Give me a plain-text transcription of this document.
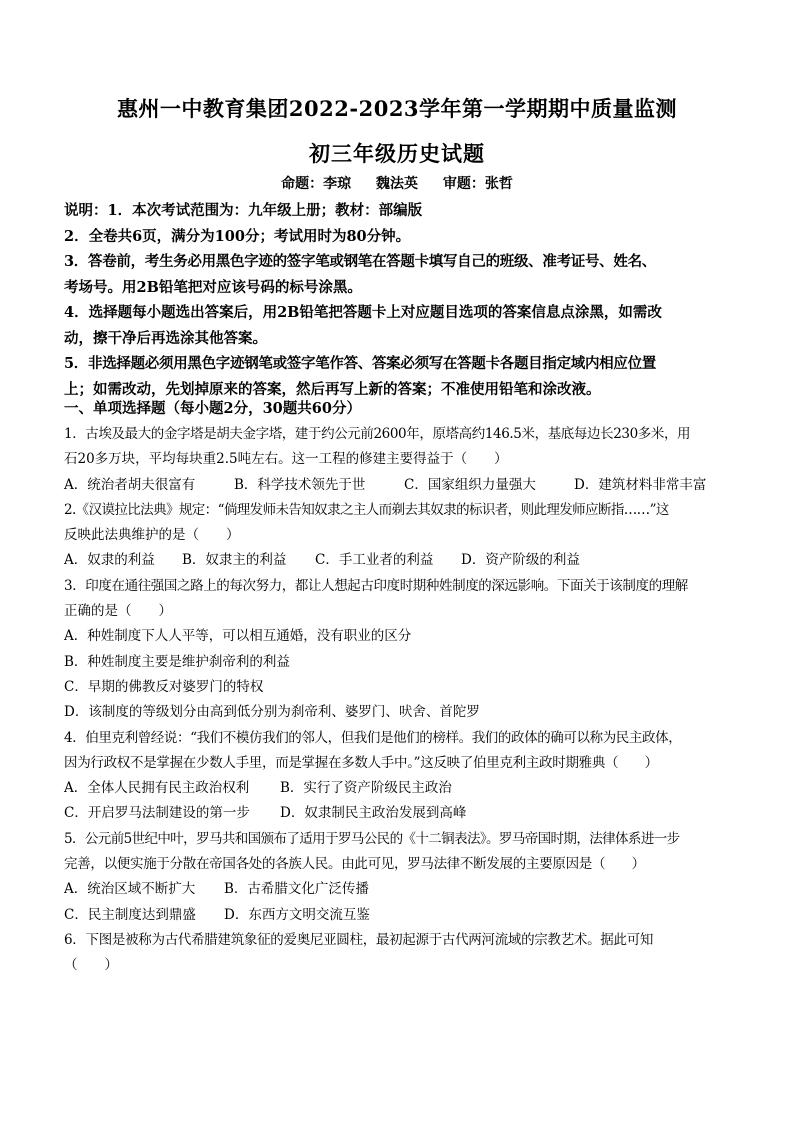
惠州一中教育集团2022-2023学年第一学期期中质量监测
初三年级历史试题
命题：李琼 魏法英 审题：张哲

说明：1．本次考试范围为：九年级上册；教材：部编版

2．全卷共6页，满分为100分；考试用时为80分钟。

3．答卷前，考生务必用黑色字迹的签字笔或钢笔在答题卡填写自己的班级、准考证号、姓名、

考场号。用2B铅笔把对应该号码的标号涂黑。

4．选择题每小题选出答案后，用2B铅笔把答题卡上对应题目选项的答案信息点涂黑，如需改

动，擦干净后再选涂其他答案。

5．非选择题必须用黑色字迹钢笔或签字笔作答、答案必须写在答题卡各题目指定域内相应位置

上；如需改动，先划掉原来的答案，然后再写上新的答案；不准使用铅笔和涂改液。

一、单项选择题（每小题2分，30题共60分）

1．古埃及最大的金字塔是胡夫金字塔，建于约公元前2600年，原塔高约146.5米，基底每边长230多米，用

石20多万块，平均每块重2.5吨左右。这一工程的修建主要得益于（　　）

A．统治者胡夫很富有	B．科学技术领先于世	C．国家组织力量强大	D．建筑材料非常丰富

2.《汉谟拉比法典》规定：“倘理发师未告知奴隶之主人而剃去其奴隶的标识者，则此理发师应断指……”这

反映此法典维护的是（　　）

A．奴隶的利益 B．奴隶主的利益 C．手工业者的利益 D．资产阶级的利益

3．印度在通往强国之路上的每次努力，都让人想起古印度时期种姓制度的深远影响。下面关于该制度的理解

正确的是（　　）

A．种姓制度下人人平等，可以相互通婚，没有职业的区分

B．种姓制度主要是维护刹帝利的利益

C．早期的佛教反对婆罗门的特权

D．该制度的等级划分由高到低分别为刹帝利、婆罗门、吠舍、首陀罗

4．伯里克利曾经说：“我们不模仿我们的邻人，但我们是他们的榜样。我们的政体的确可以称为民主政体，

因为行政权不是掌握在少数人手里，而是掌握在多数人手中。”这反映了伯里克利主政时期雅典（　　）

A．全体人民拥有民主政治权利 B．实行了资产阶级民主政治

C．开启罗马法制建设的第一步 D．奴隶制民主政治发展到高峰

5．公元前5世纪中叶，罗马共和国颁布了适用于罗马公民的《十二铜表法》。罗马帝国时期，法律体系进一步

完善，以便实施于分散在帝国各处的各族人民。由此可见，罗马法律不断发展的主要原因是（　　）

A．统治区域不断扩大 B．古希腊文化广泛传播

C．民主制度达到鼎盛 D．东西方文明交流互鉴

6．下图是被称为古代希腊建筑象征的爱奥尼亚圆柱，最初起源于古代两河流域的宗教艺术。据此可知

（　　）
